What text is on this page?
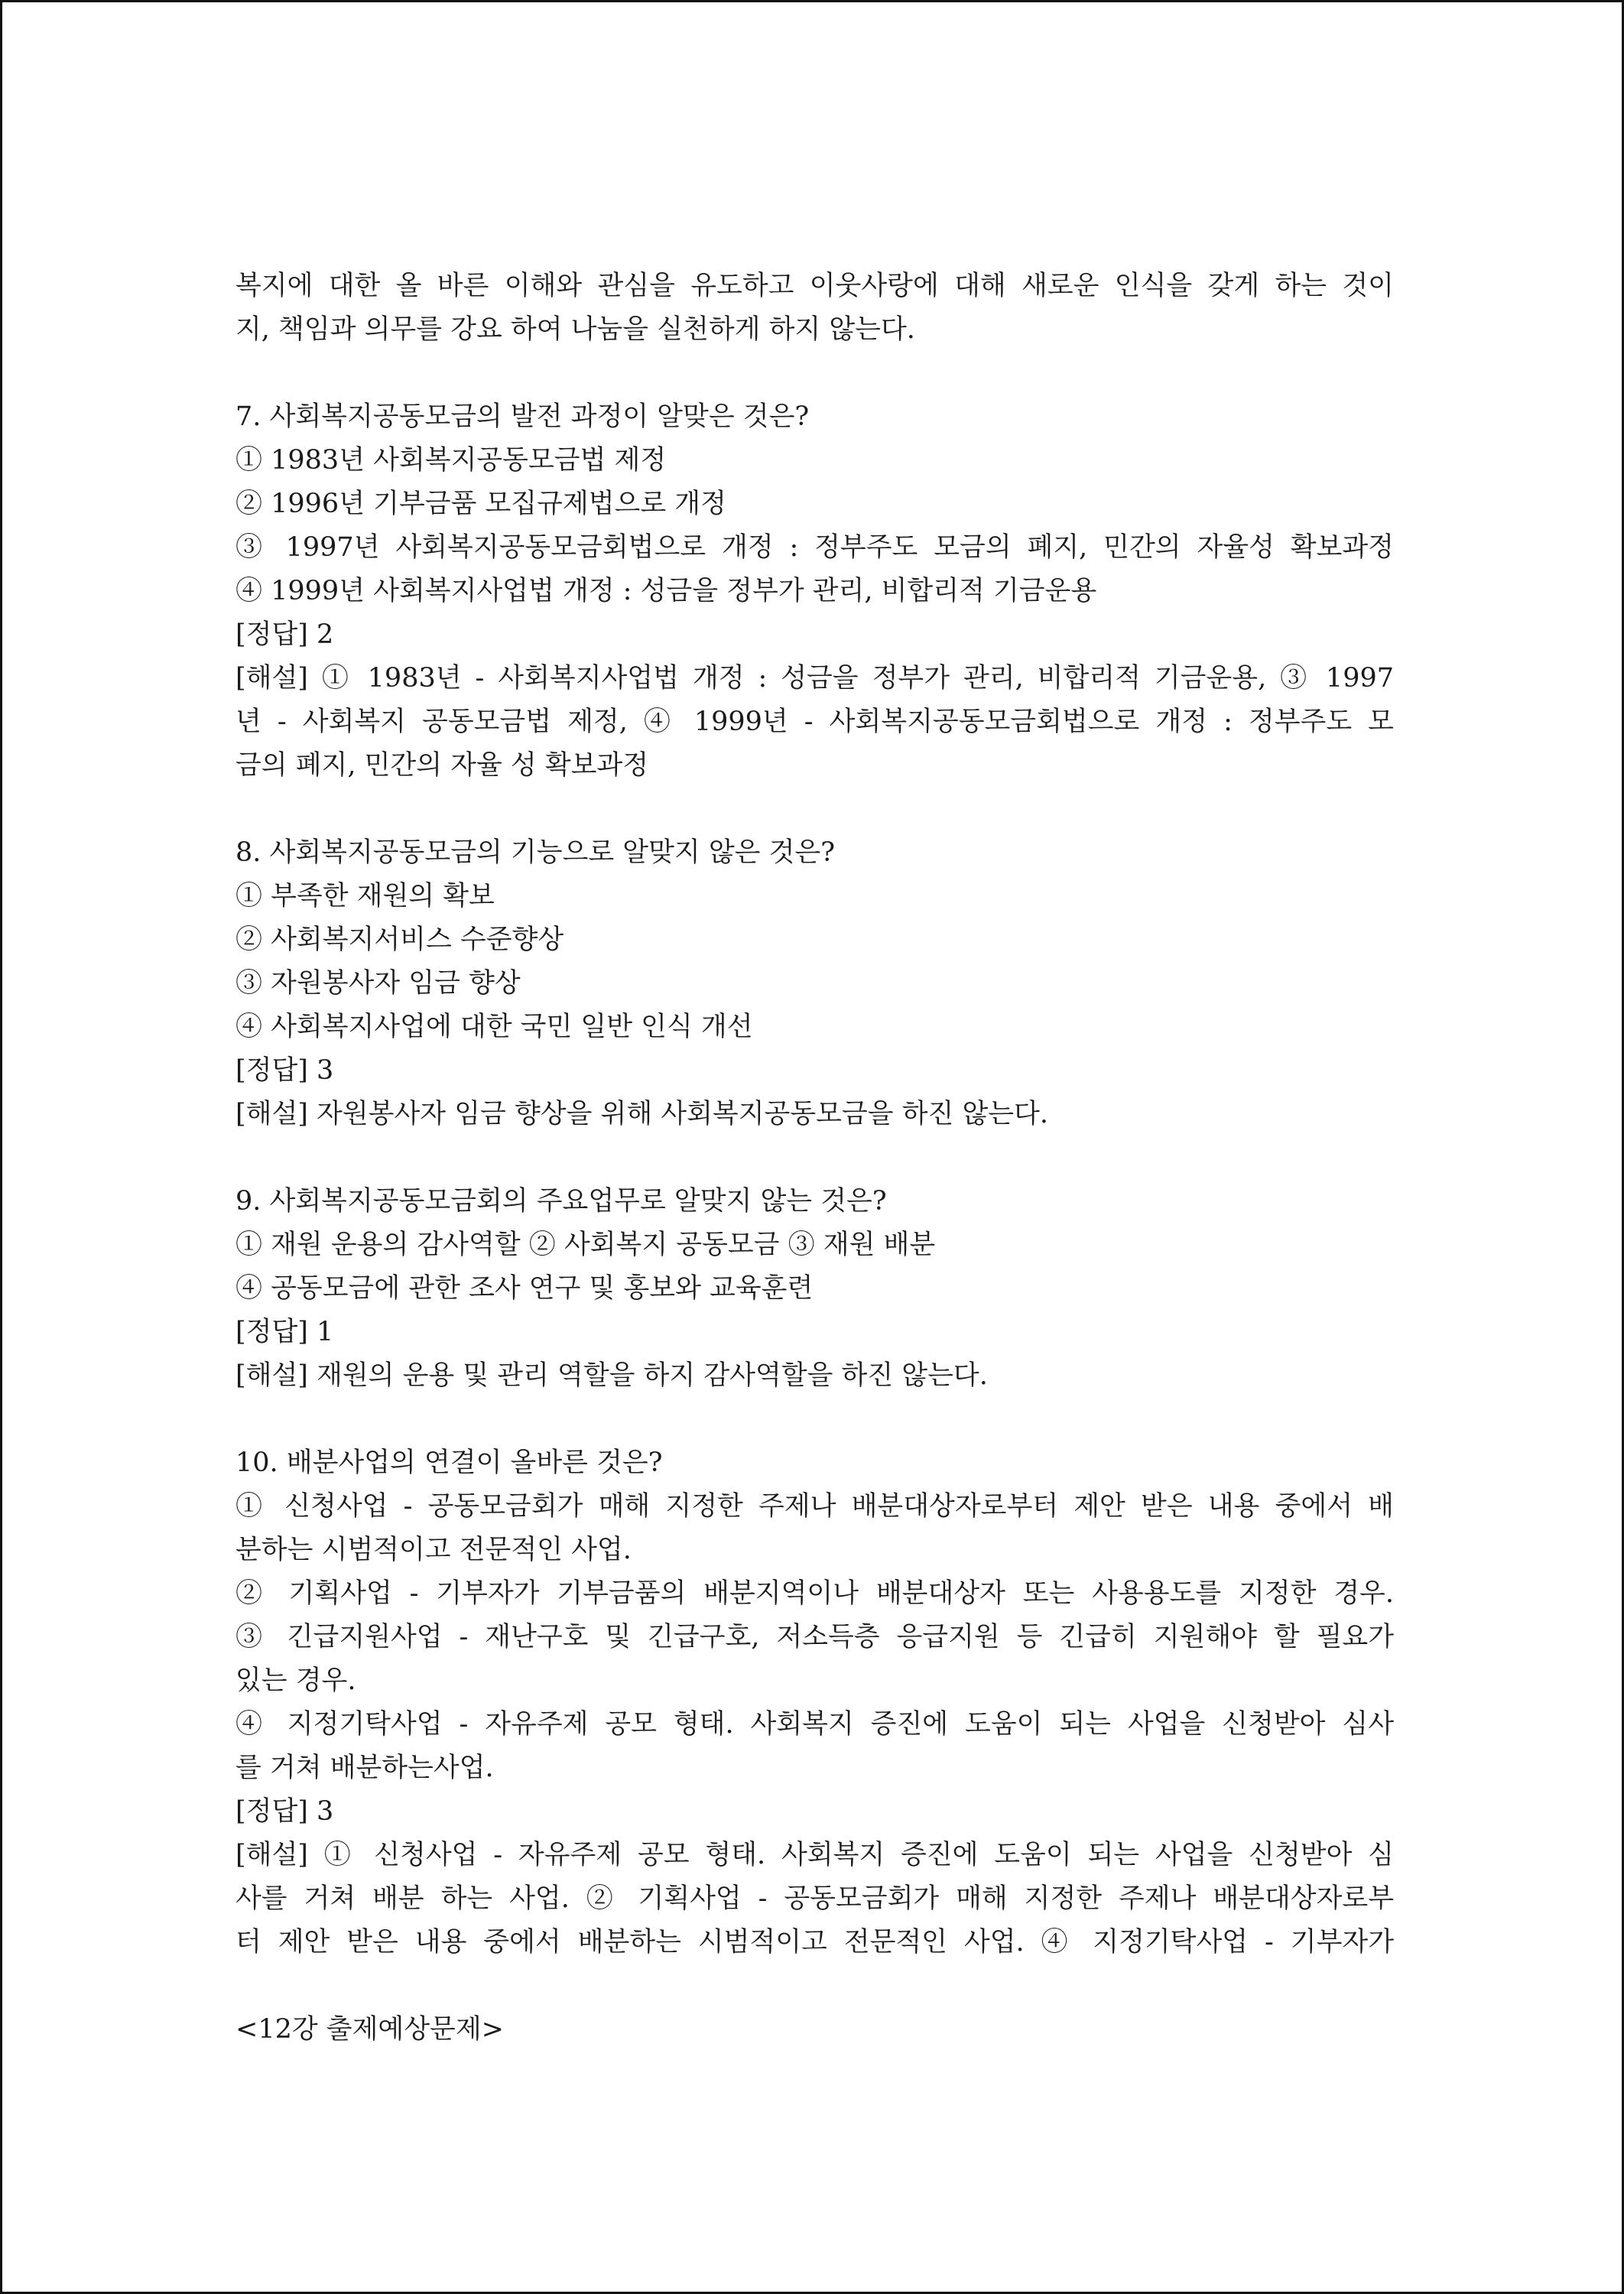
복지에 대한 올 바른 이해와 관심을 유도하고 이웃사랑에 대해 새로운 인식을 갖게 하는 것이
지, 책임과 의무를 강요 하여 나눔을 실천하게 하지 않는다.
7. 사회복지공동모금의 발전 과정이 알맞은 것은?
① 1983년 사회복지공동모금법 제정
② 1996년 기부금품 모집규제법으로 개정
③ 1997년 사회복지공동모금회법으로 개정 : 정부주도 모금의 폐지, 민간의 자율성 확보과정
④ 1999년 사회복지사업법 개정 : 성금을 정부가 관리, 비합리적 기금운용
[정답] 2
[해설] ① 1983년 - 사회복지사업법 개정 : 성금을 정부가 관리, 비합리적 기금운용, ③ 1997
년 - 사회복지 공동모금법 제정, ④ 1999년 - 사회복지공동모금회법으로 개정 : 정부주도 모
금의 폐지, 민간의 자율 성 확보과정
8. 사회복지공동모금의 기능으로 알맞지 않은 것은?
① 부족한 재원의 확보
② 사회복지서비스 수준향상
③ 자원봉사자 임금 향상
④ 사회복지사업에 대한 국민 일반 인식 개선
[정답] 3
[해설] 자원봉사자 임금 향상을 위해 사회복지공동모금을 하진 않는다.
9. 사회복지공동모금회의 주요업무로 알맞지 않는 것은?
① 재원 운용의 감사역할 ② 사회복지 공동모금 ③ 재원 배분
④ 공동모금에 관한 조사 연구 및 홍보와 교육훈련
[정답] 1
[해설] 재원의 운용 및 관리 역할을 하지 감사역할을 하진 않는다.
10. 배분사업의 연결이 올바른 것은?
① 신청사업 - 공동모금회가 매해 지정한 주제나 배분대상자로부터 제안 받은 내용 중에서 배
분하는 시범적이고 전문적인 사업.
② 기획사업 - 기부자가 기부금품의 배분지역이나 배분대상자 또는 사용용도를 지정한 경우.
③ 긴급지원사업 - 재난구호 및 긴급구호, 저소득층 응급지원 등 긴급히 지원해야 할 필요가
있는 경우.
④ 지정기탁사업 - 자유주제 공모 형태. 사회복지 증진에 도움이 되는 사업을 신청받아 심사
를 거쳐 배분하는사업.
[정답] 3
[해설] ① 신청사업 - 자유주제 공모 형태. 사회복지 증진에 도움이 되는 사업을 신청받아 심
사를 거쳐 배분 하는 사업. ② 기획사업 - 공동모금회가 매해 지정한 주제나 배분대상자로부
터 제안 받은 내용 중에서 배분하는 시범적이고 전문적인 사업. ④ 지정기탁사업 - 기부자가
<12강 출제예상문제>
